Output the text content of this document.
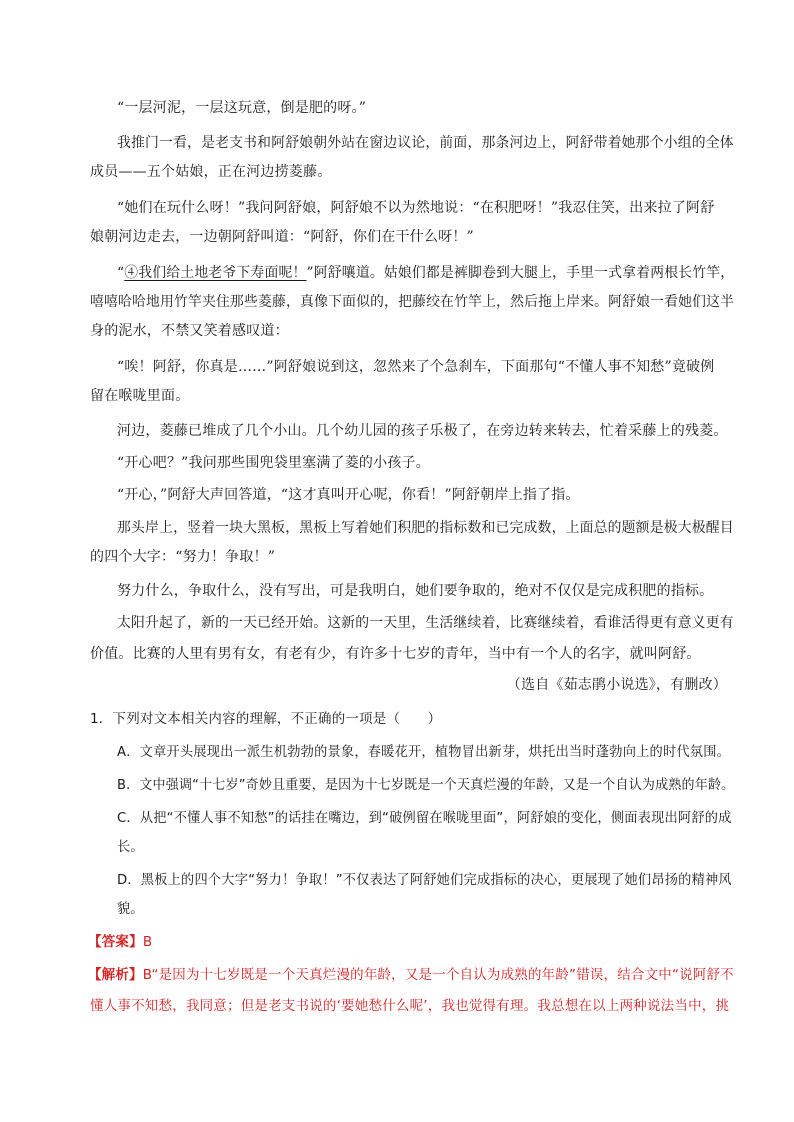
“一层河泥，一层这玩意，倒是肥的呀。”
我推门一看，是老支书和阿舒娘朝外站在窗边议论，前面，那条河边上，阿舒带着她那个小组的全体
成员——五个姑娘，正在河边捞菱藤。
“她们在玩什么呀！”我问阿舒娘，阿舒娘不以为然地说：“在积肥呀！”我忍住笑，出来拉了阿舒
娘朝河边走去，一边朝阿舒叫道：“阿舒，你们在干什么呀！”
“④我们给土地老爷下寿面呢！”阿舒嚷道。姑娘们都是裤脚卷到大腿上，手里一式拿着两根长竹竿，
嘻嘻哈哈地用竹竿夹住那些菱藤，真像下面似的，把藤绞在竹竿上，然后拖上岸来。阿舒娘一看她们这半
身的泥水，不禁又笑着感叹道：
“唉！阿舒，你真是……”阿舒娘说到这，忽然来了个急刹车，下面那句“不懂人事不知愁”竟破例
留在喉咙里面。
河边，菱藤已堆成了几个小山。几个幼儿园的孩子乐极了，在旁边转来转去，忙着采藤上的残菱。
“开心吧？”我问那些围兜袋里塞满了菱的小孩子。
“开心，”阿舒大声回答道，“这才真叫开心呢，你看！”阿舒朝岸上指了指。
那头岸上，竖着一块大黑板，黑板上写着她们积肥的指标数和已完成数，上面总的题额是极大极醒目
的四个大字：“努力！争取！”
努力什么，争取什么，没有写出，可是我明白，她们要争取的，绝对不仅仅是完成积肥的指标。
太阳升起了，新的一天已经开始。这新的一天里，生活继续着，比赛继续着，看谁活得更有意义更有
价值。比赛的人里有男有女，有老有少，有许多十七岁的青年，当中有一个人的名字，就叫阿舒。
（选自《茹志鹃小说选》，有删改）
1．下列对文本相关内容的理解，不正确的一项是（　　）
A．文章开头展现出一派生机勃勃的景象，春暖花开，植物冒出新芽，烘托出当时蓬勃向上的时代氛围。
B．文中强调“十七岁”奇妙且重要，是因为十七岁既是一个天真烂漫的年龄，又是一个自认为成熟的年龄。
C．从把“不懂人事不知愁”的话挂在嘴边，到“破例留在喉咙里面”，阿舒娘的变化，侧面表现出阿舒的成
长。
D．黑板上的四个大字“努力！争取！”不仅表达了阿舒她们完成指标的决心，更展现了她们昂扬的精神风
貌。
【答案】B
【解析】B“是因为十七岁既是一个天真烂漫的年龄，又是一个自认为成熟的年龄”错误，结合文中“说阿舒不
懂人事不知愁，我同意；但是老支书说的‘要她愁什么呢’，我也觉得有理。我总想在以上两种说法当中，挑
